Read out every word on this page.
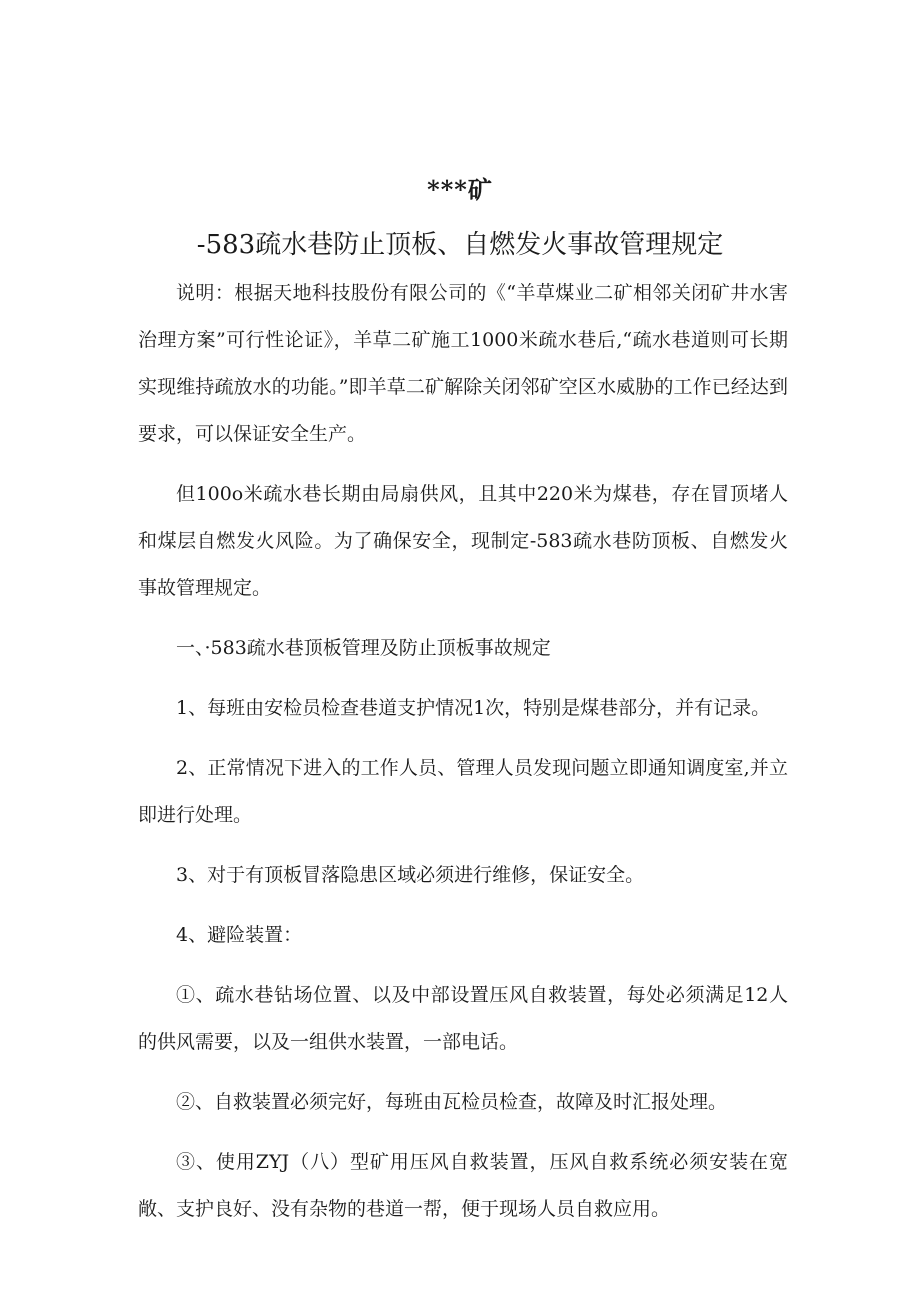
***矿
-583疏水巷防止顶板、自燃发火事故管理规定

说明：根据天地科技股份有限公司的《“羊草煤业二矿相邻关闭矿井水害治理方案”可行性论证》，羊草二矿施工1000米疏水巷后,“疏水巷道则可长期实现维持疏放水的功能。”即羊草二矿解除关闭邻矿空区水威胁的工作已经达到要求，可以保证安全生产。

但100o米疏水巷长期由局扇供风，且其中220米为煤巷，存在冒顶堵人和煤层自燃发火风险。为了确保安全，现制定-583疏水巷防顶板、自燃发火事故管理规定。

一、·583疏水巷顶板管理及防止顶板事故规定

1、每班由安检员检查巷道支护情况1次，特别是煤巷部分，并有记录。

2、正常情况下进入的工作人员、管理人员发现问题立即通知调度室,并立即进行处理。

3、对于有顶板冒落隐患区域必须进行维修，保证安全。

4、避险装置：

①、疏水巷钻场位置、以及中部设置压风自救装置，每处必须满足12人的供风需要，以及一组供水装置，一部电话。

②、自救装置必须完好，每班由瓦检员检查，故障及时汇报处理。

③、使用ZYJ（八）型矿用压风自救装置，压风自救系统必须安装在宽敞、支护良好、没有杂物的巷道一帮，便于现场人员自救应用。
